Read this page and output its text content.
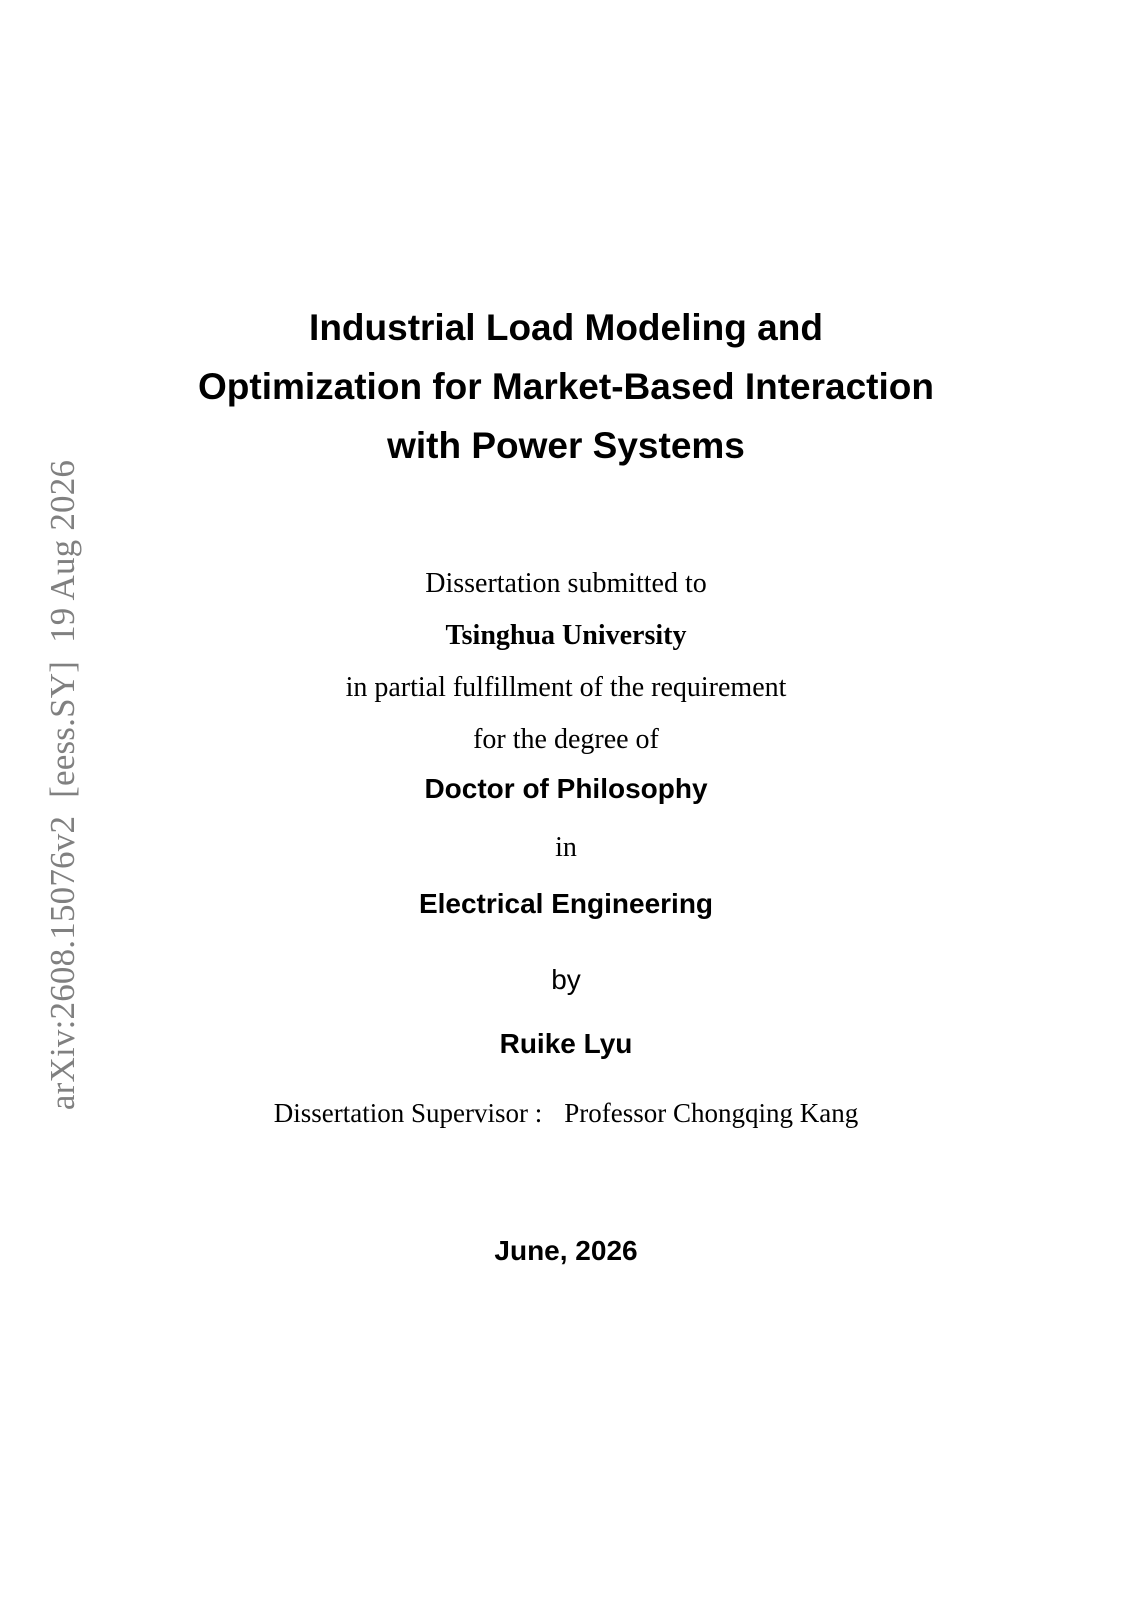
arXiv:2608.15076v2[eess.SY]19 Aug 2026
Industrial Load Modeling and
Optimization for Market-Based Interaction
with Power Systems
Dissertation submitted to
Tsinghua University
in partial fulfillment of the requirement
for the degree of
Doctor of Philosophy
in
Electrical Engineering
by
Ruike Lyu
Dissertation Supervisor : Professor Chongqing Kang
June, 2026
